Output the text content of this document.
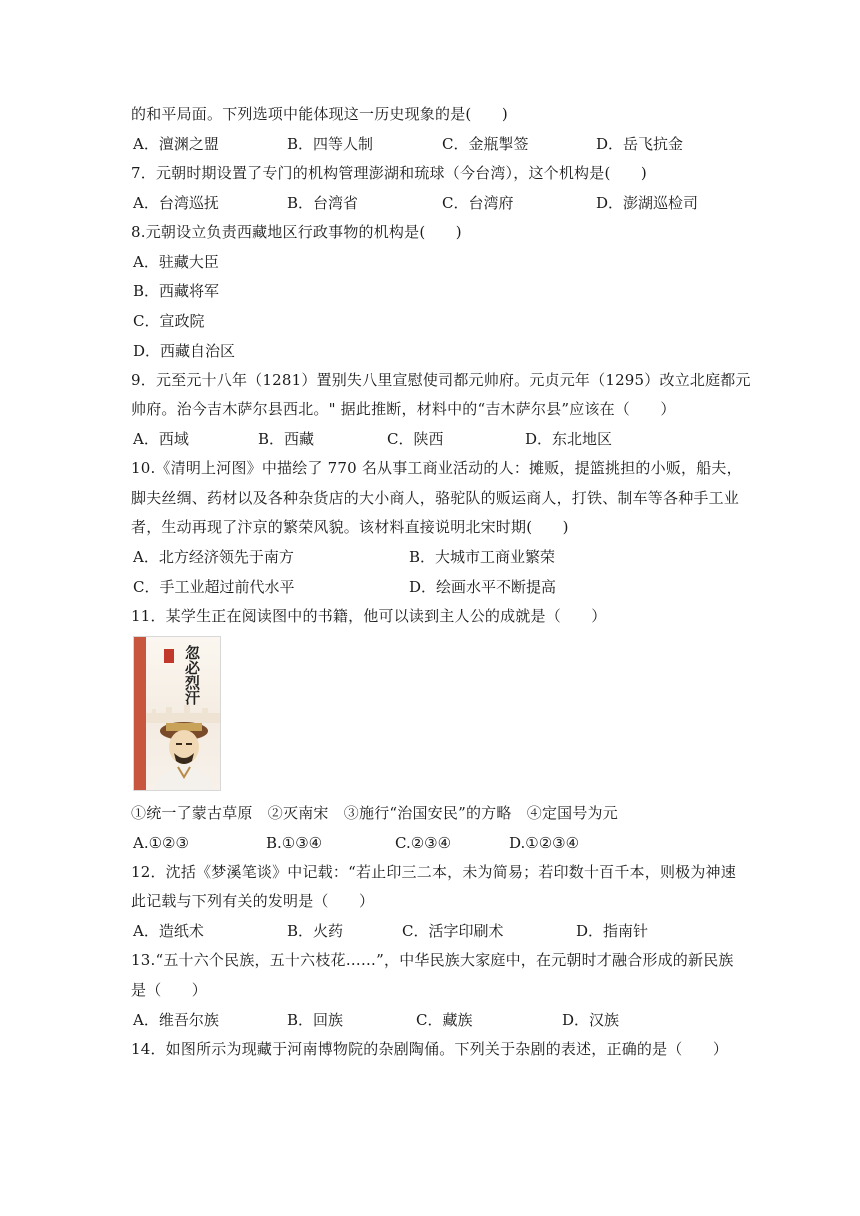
的和平局面。下列选项中能体现这一历史现象的是(　　)
A．澶渊之盟	B．四等人制	C．金瓶掣签	D．岳飞抗金
7．元朝时期设置了专门的机构管理澎湖和琉球（今台湾），这个机构是(　　)
A．台湾巡抚	B．台湾省	C．台湾府	D．澎湖巡检司
8.元朝设立负责西藏地区行政事物的机构是(　　)
A．驻藏大臣
B．西藏将军
C．宣政院
D．西藏自治区
9．元至元十八年（1281）置别失八里宣慰使司都元帅府。元贞元年（1295）改立北庭都元
帅府。治今吉木萨尔县西北。" 据此推断，材料中的“吉木萨尔县”应该在（　　）
A．西域	B．西藏	C．陕西	D．东北地区
10.《清明上河图》中描绘了 770 名从事工商业活动的人：摊贩，提篮挑担的小贩，船夫，
脚夫丝绸、药材以及各种杂货店的大小商人，骆驼队的贩运商人，打铁、制车等各种手工业
者，生动再现了汴京的繁荣风貌。该材料直接说明北宋时期(　　)
A．北方经济领先于南方	B．大城市工商业繁荣
C．手工业超过前代水平	D．绘画水平不断提高
11．某学生正在阅读图中的书籍，他可以读到主人公的成就是（　　）
忽必烈汗
①统一了蒙古草原　②灭南宋　③施行“治国安民”的方略　④定国号为元
A.①②③	B.①③④	C.②③④	D.①②③④
12．沈括《梦溪笔谈》中记载：“若止印三二本，未为简易；若印数十百千本，则极为神速
此记载与下列有关的发明是（　　）
A．造纸术	B．火药	C．活字印刷术	D．指南针
13.“五十六个民族，五十六枝花……”，中华民族大家庭中，在元朝时才融合形成的新民族
是（　　）
A．维吾尔族	B．回族	C．藏族	D．汉族
14．如图所示为现藏于河南博物院的杂剧陶俑。下列关于杂剧的表述，正确的是（　　）
